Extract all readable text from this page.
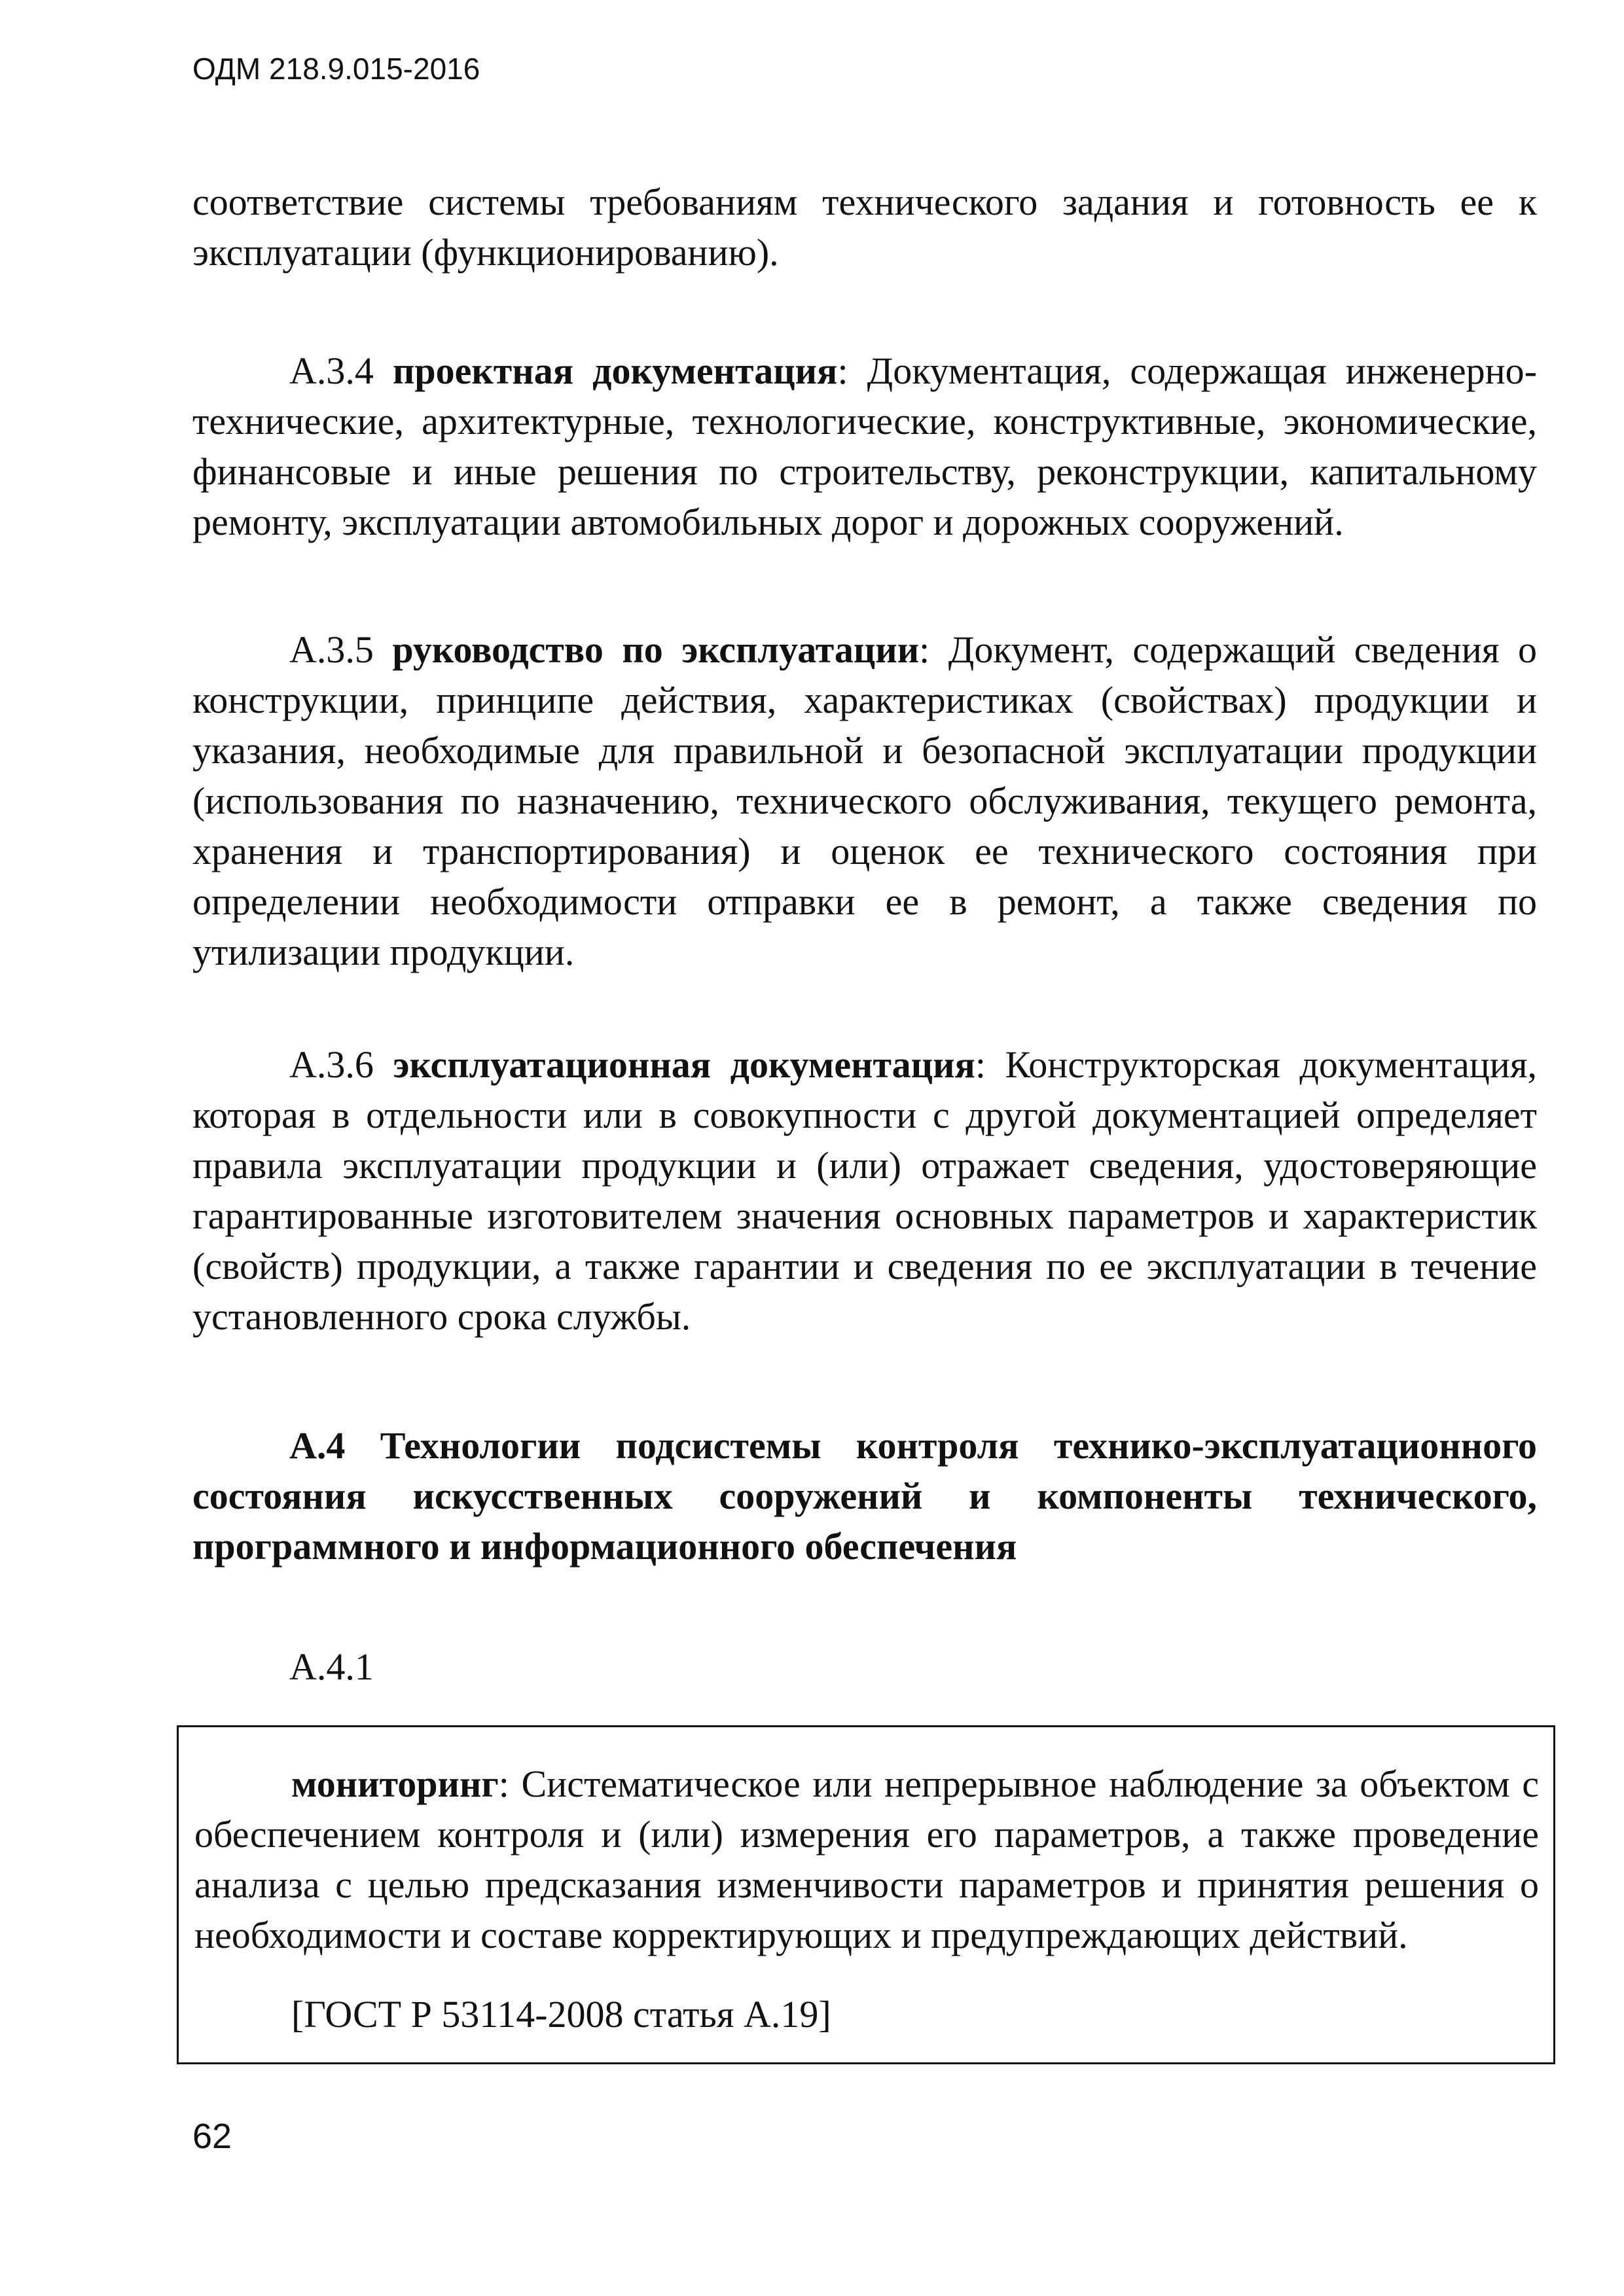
ОДМ 218.9.015-2016

соответствие системы требованиям технического задания и готовность ее к эксплуатации (функционированию).

А.3.4 проектная документация: Документация, содержащая инженерно-технические, архитектурные, технологические, конструктивные, экономические, финансовые и иные решения по строительству, реконструкции, капитальному ремонту, эксплуатации автомобильных дорог и дорожных сооружений.

А.3.5 руководство по эксплуатации: Документ, содержащий сведения о конструкции, принципе действия, характеристиках (свойствах) продукции и указания, необходимые для правильной и безопасной эксплуатации продукции (использования по назначению, технического обслуживания, текущего ремонта, хранения и транспортирования) и оценок ее технического состояния при определении необходимости отправки ее в ремонт, а также сведения по утилизации продукции.

А.3.6 эксплуатационная документация: Конструкторская документация, которая в отдельности или в совокупности с другой документацией определяет правила эксплуатации продукции и (или) отражает сведения, удостоверяющие гарантированные изготовителем значения основных параметров и характеристик (свойств) продукции, а также гарантии и сведения по ее эксплуатации в течение установленного срока службы.

А.4 Технологии подсистемы контроля технико-эксплуатационного состояния искусственных сооружений и компоненты технического, программного и информационного обеспечения

А.4.1

мониторинг: Систематическое или непрерывное наблюдение за объектом с обеспечением контроля и (или) измерения его параметров, а также проведение анализа с целью предсказания изменчивости параметров и принятия решения о необходимости и составе корректирующих и предупреждающих действий.

[ГОСТ Р 53114-2008 статья А.19]

62
